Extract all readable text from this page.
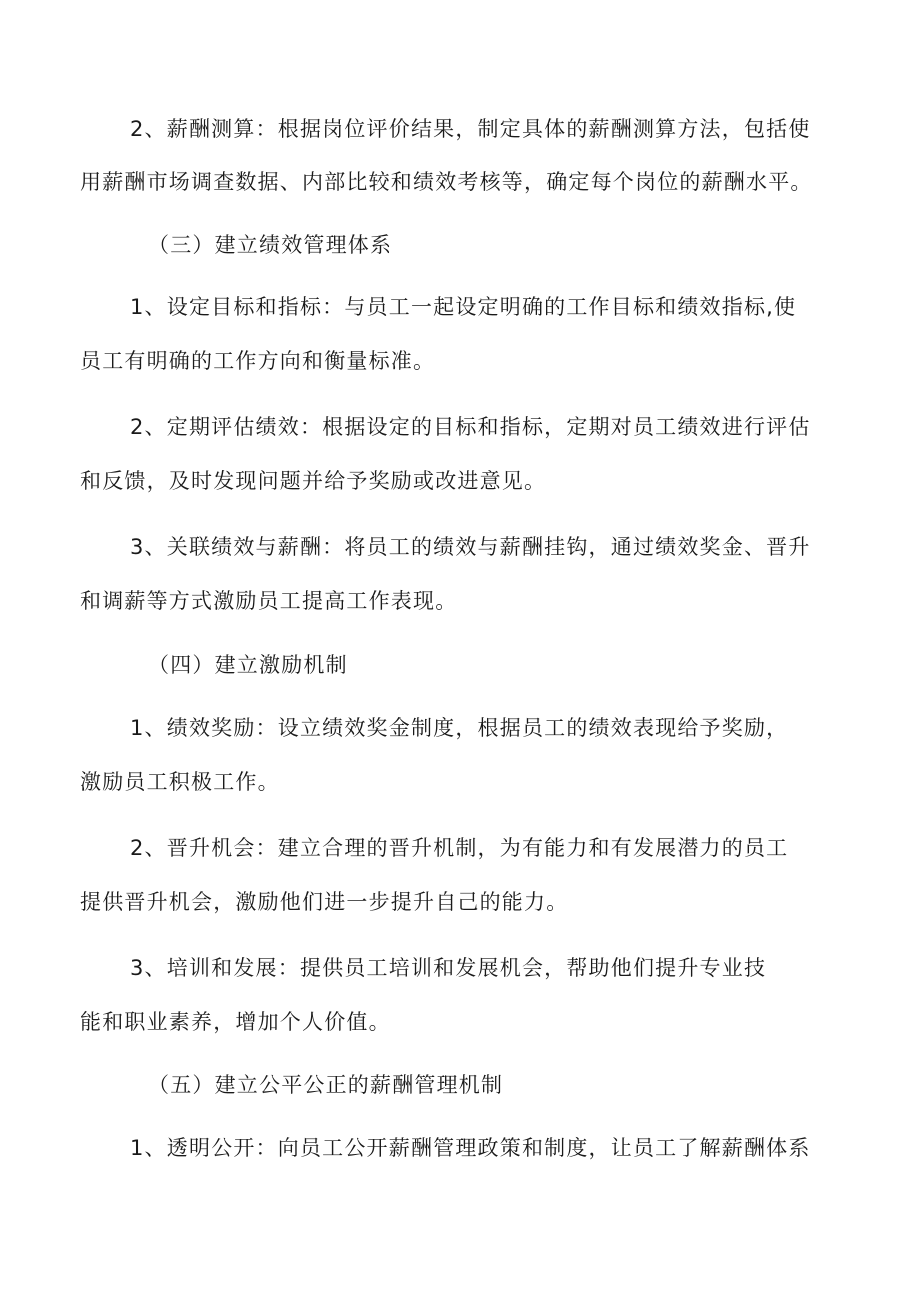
2、薪酬测算：根据岗位评价结果，制定具体的薪酬测算方法，包括使
用薪酬市场调查数据、内部比较和绩效考核等，确定每个岗位的薪酬水平。
（三）建立绩效管理体系
1、设定目标和指标：与员工一起设定明确的工作目标和绩效指标,使
员工有明确的工作方向和衡量标准。
2、定期评估绩效：根据设定的目标和指标，定期对员工绩效进行评估
和反馈，及时发现问题并给予奖励或改进意见。
3、关联绩效与薪酬：将员工的绩效与薪酬挂钩，通过绩效奖金、晋升
和调薪等方式激励员工提高工作表现。
（四）建立激励机制
1、绩效奖励：设立绩效奖金制度，根据员工的绩效表现给予奖励，
激励员工积极工作。
2、晋升机会：建立合理的晋升机制，为有能力和有发展潜力的员工
提供晋升机会，激励他们进一步提升自己的能力。
3、培训和发展：提供员工培训和发展机会，帮助他们提升专业技
能和职业素养，增加个人价值。
（五）建立公平公正的薪酬管理机制
1、透明公开：向员工公开薪酬管理政策和制度，让员工了解薪酬体系
